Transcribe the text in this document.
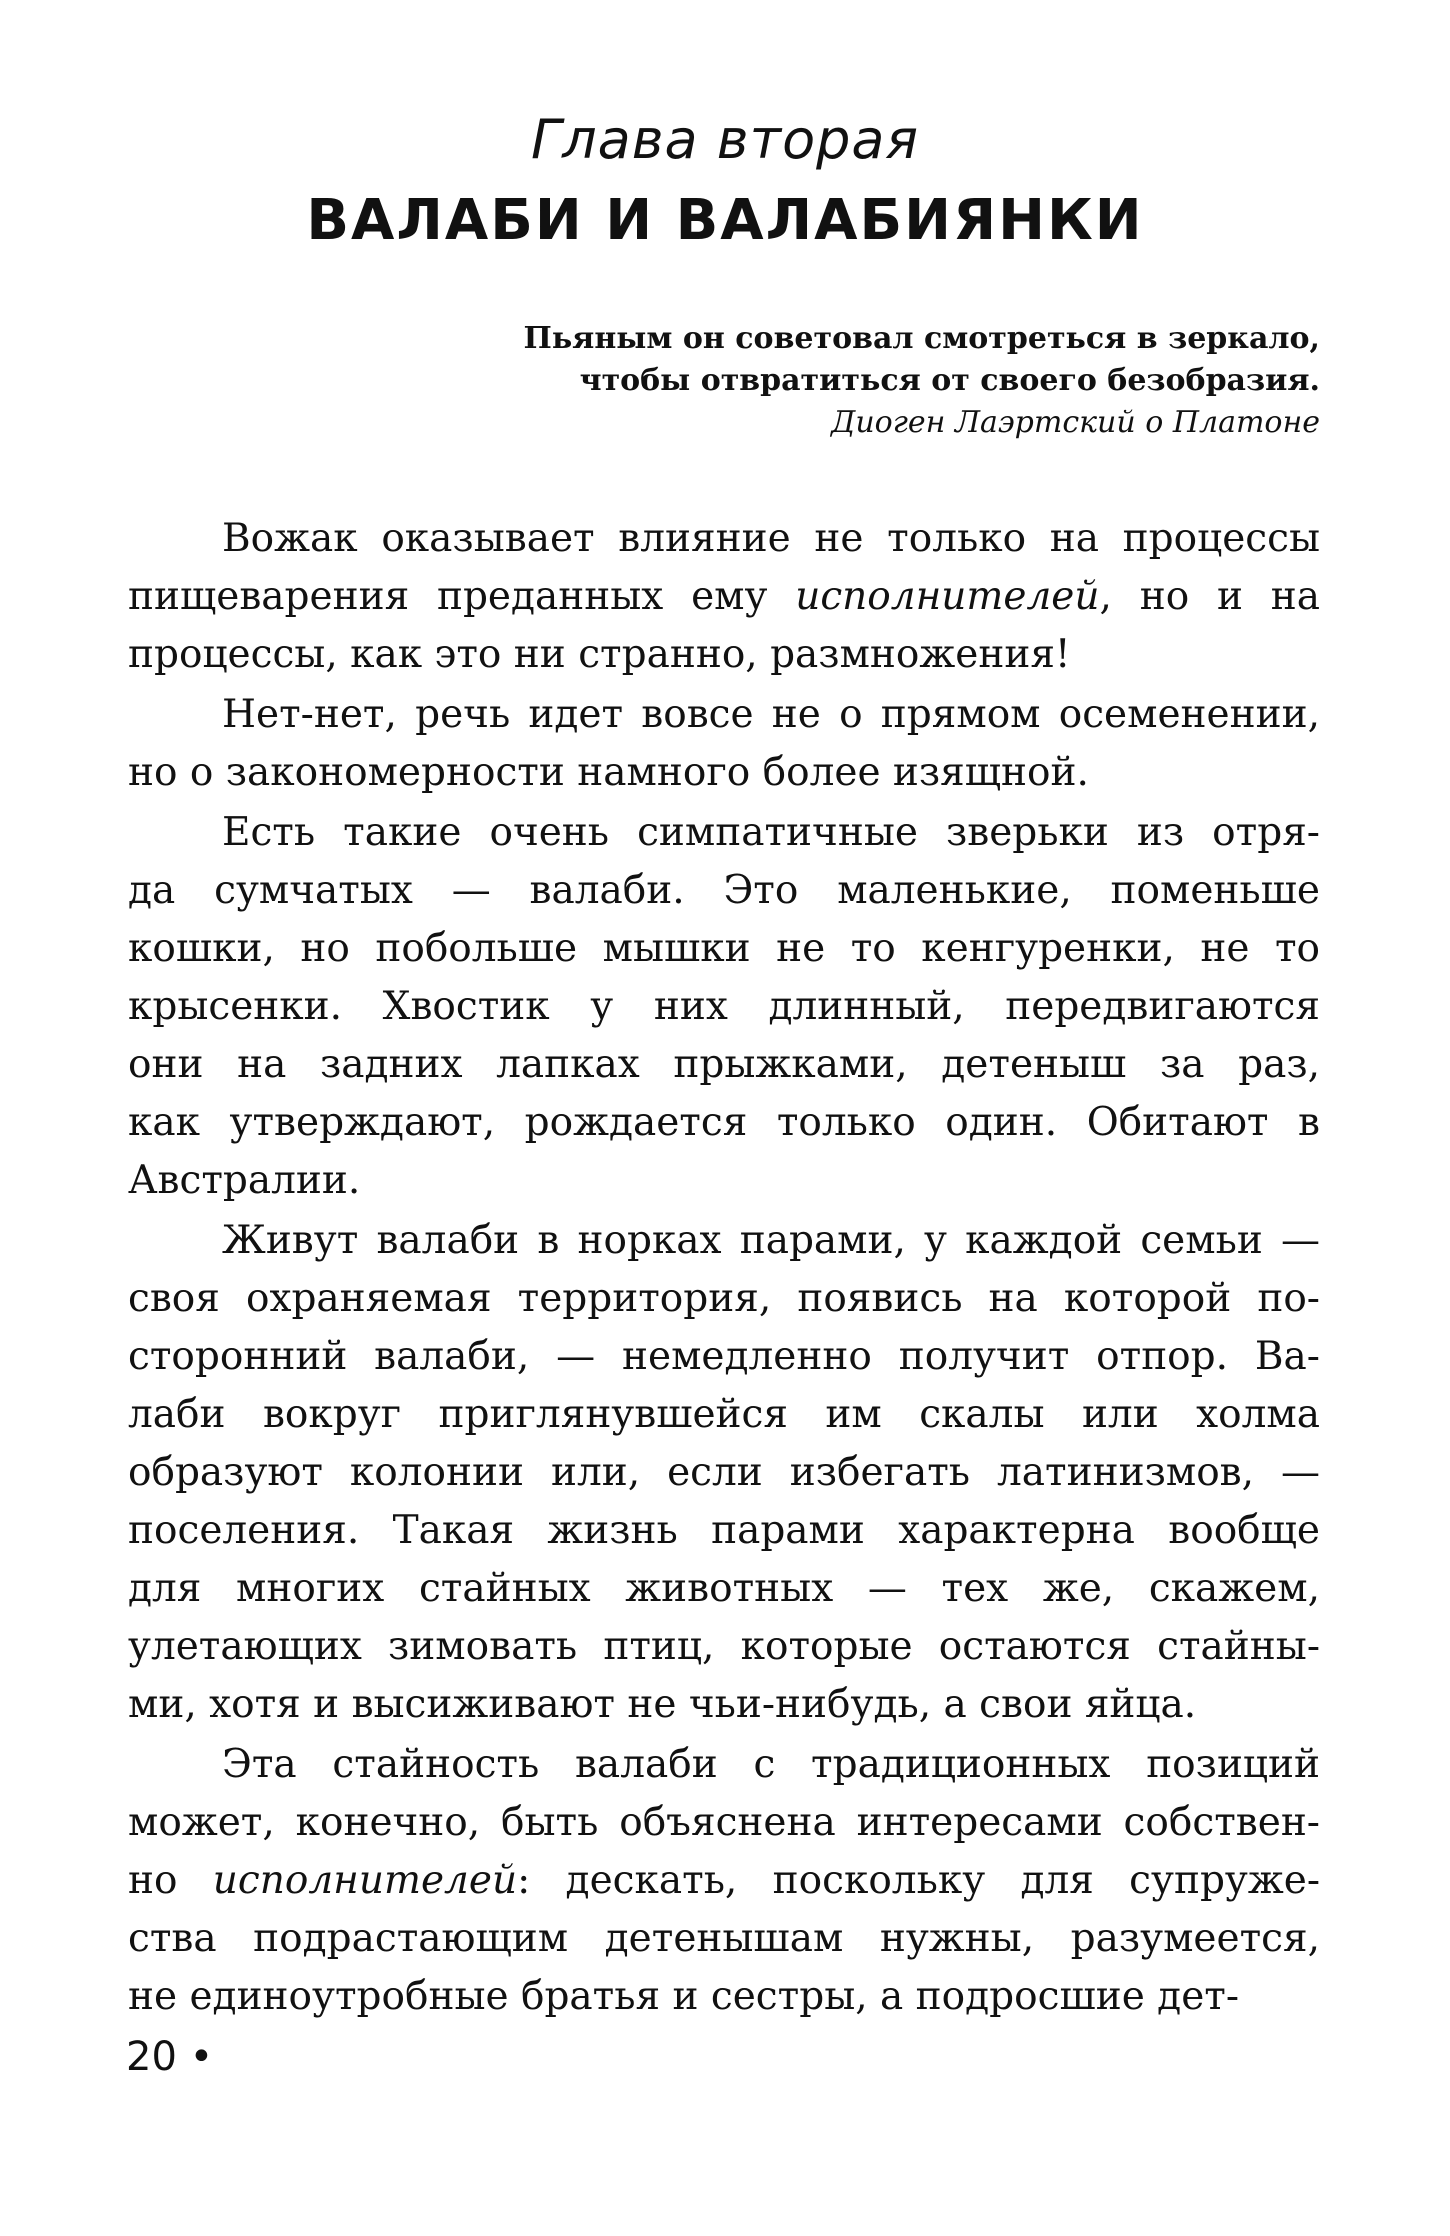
Глава вторая
ВАЛАБИ И ВАЛАБИЯНКИ
Пьяным он советовал смотреться в зеркало,
чтобы отвратиться от своего безобразия.
Диоген Лаэртский о Платоне
Вожак оказывает влияние не только на процессы
пищеварения преданных ему исполнителей, но и на
процессы, как это ни странно, размножения!
Нет-нет, речь идет вовсе не о прямом осеменении,
но о закономерности намного более изящной.
Есть такие очень симпатичные зверьки из отря-
да сумчатых — валаби. Это маленькие, поменьше
кошки, но побольше мышки не то кенгуренки, не то
крысенки. Хвостик у них длинный, передвигаются
они на задних лапках прыжками, детеныш за раз,
как утверждают, рождается только один. Обитают в
Австралии.
Живут валаби в норках парами, у каждой семьи —
своя охраняемая территория, появись на которой по-
сторонний валаби, — немедленно получит отпор. Ва-
лаби вокруг приглянувшейся им скалы или холма
образуют колонии или, если избегать латинизмов, —
поселения. Такая жизнь парами характерна вообще
для многих стайных животных — тех же, скажем,
улетающих зимовать птиц, которые остаются стайны-
ми, хотя и высиживают не чьи-нибудь, а свои яйца.
Эта стайность валаби с традиционных позиций
может, конечно, быть объяснена интересами собствен-
но исполнителей: дескать, поскольку для супруже-
ства подрастающим детенышам нужны, разумеется,
не единоутробные братья и сестры, а подросшие дет-
20 •
